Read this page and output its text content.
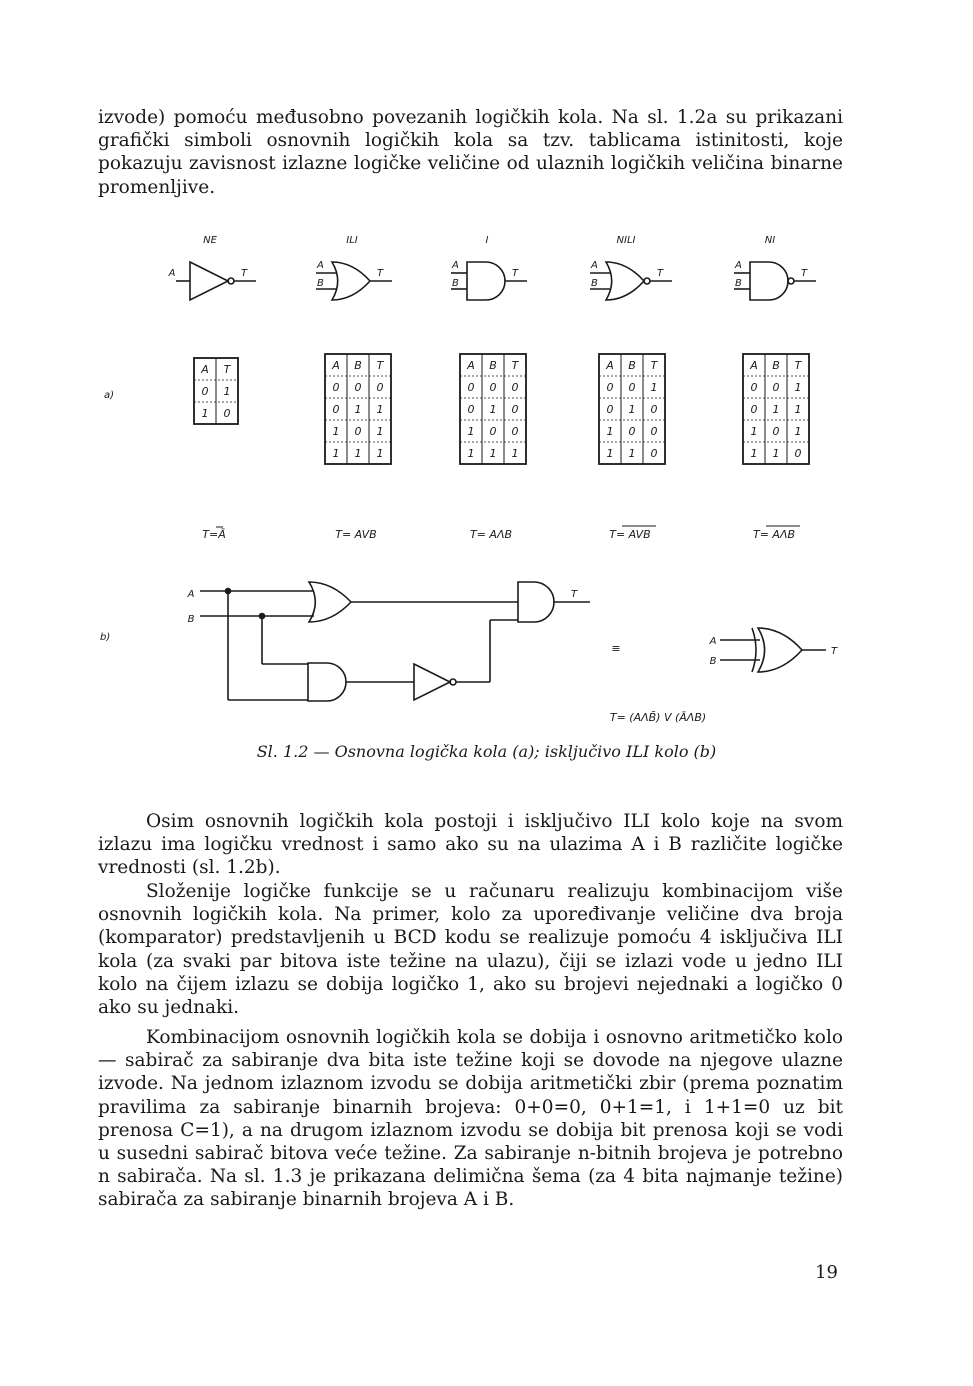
izvode) pomoću međusobno povezanih logičkih kola. Na sl. 1.2a su prikazani grafički simboli osnovnih logičkih kola sa tzv. tablicama istinitosti, koje pokazuju zavisnost izlazne logičke veličine od ulaznih logičkih veličina binarne promenljive.

a)
b)
NE
A	T
A T
0 1
1 0
T=Ā
ILI
A
B
T
A B T
0 0 0
0 1 1
1 0 1
1 1 1
T= AVB
I
A
B
T
A B T
0 0 0
0 1 0
1 0 0
1 1 1
T= AΛB
NILI
A
B
T
A B T
0 0 1
0 1 0
1 0 0
1 1 0
T= AVB
NI
A
B
T
A B T
0 0 1
0 1 1
1 0 1
1 1 0
T= AΛB
A
B
T
≡
A
B
T
T= (AΛB̄) V (ĀΛB)
Sl. 1.2 — Osnovna logička kola (a); isključivo ILI kolo (b)

Osim osnovnih logičkih kola postoji i isključivo ILI kolo koje na svom izlazu ima logičku vrednost i samo ako su na ulazima A i B različite logičke vrednosti (sl. 1.2b).

Složenije logičke funkcije se u računaru realizuju kombinacijom više osnovnih logičkih kola. Na primer, kolo za upoređivanje veličine dva broja (komparator) predstavljenih u BCD kodu se realizuje pomoću 4 isključiva ILI kola (za svaki par bitova iste težine na ulazu), čiji se izlazi vode u jedno ILI kolo na čijem izlazu se dobija logičko 1, ako su brojevi nejednaki a logičko 0 ako su jednaki.

Kombinacijom osnovnih logičkih kola se dobija i osnovno aritmetičko kolo — sabirač za sabiranje dva bita iste težine koji se dovode na njegove ulazne izvode. Na jednom izlaznom izvodu se dobija aritmetički zbir (prema poznatim pravilima za sabiranje binarnih brojeva: 0+0=0, 0+1=1, i 1+1=0 uz bit prenosa C=1), a na drugom izlaznom izvodu se dobija bit prenosa koji se vodi u susedni sabirač bitova veće težine. Za sabiranje n-bitnih brojeva je potrebno n sabirača. Na sl. 1.3 je prikazana delimična šema (za 4 bita najmanje težine) sabirača za sabiranje binarnih brojeva A i B.

19
